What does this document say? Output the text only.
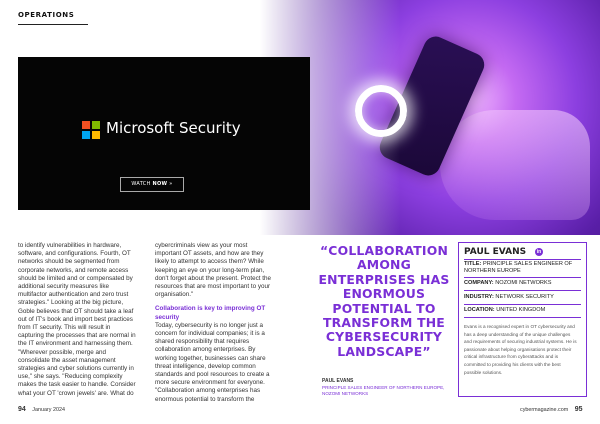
OPERATIONS
Microsoft Security
WATCH NOW »

to identify vulnerabilities in hardware, software, and configurations. Fourth, OT networks should be segmented from corporate networks, and remote access should be limited and or compensated by additional security measures like multifactor authentication and zero trust strategies." Looking at the big picture, Goble believes that OT should take a leaf out of IT's book and import best practices from IT security. This will result in capturing the processes that are normal in the IT environment and harnessing them. "Wherever possible, merge and consolidate the asset management strategies and cyber solutions currently in use," she says. "Reducing complexity makes the task easier to handle. Consider what your OT 'crown jewels' are. What do

cybercriminals view as your most important OT assets, and how are they likely to attempt to access them? While keeping an eye on your long-term plan, don't forget about the present. Protect the resources that are most important to your organisation."

Collaboration is key to improving OT security

Today, cybersecurity is no longer just a concern for individual companies; it is a shared responsibility that requires collaboration among enterprises. By working together, businesses can share threat intelligence, develop common standards and pool resources to create a more secure environment for everyone. "Collaboration among enterprises has enormous potential to transform the

“COLLABORATION AMONG ENTERPRISES HAS ENORMOUS POTENTIAL TO TRANSFORM THE CYBERSECURITY LANDSCAPE”
PAUL EVANS
PRINCIPLE SALES ENGINEER OF NORTHERN EUROPE, NOZOMI NETWORKS
PAUL EVANS	in
TITLE: PRINCIPLE SALES ENGINEER OF NORTHERN EUROPE
COMPANY: NOZOMI NETWORKS
INDUSTRY: NETWORK SECURITY
LOCATION: UNITED KINGDOM
Evans is a recognised expert in OT cybersecurity and has a deep understanding of the unique challenges and requirements of securing industrial systems. He is passionate about helping organisations protect their critical infrastructure from cyberattacks and is committed to providing his clients with the best possible solutions.
94 January 2024	cybermagazine.com 95
